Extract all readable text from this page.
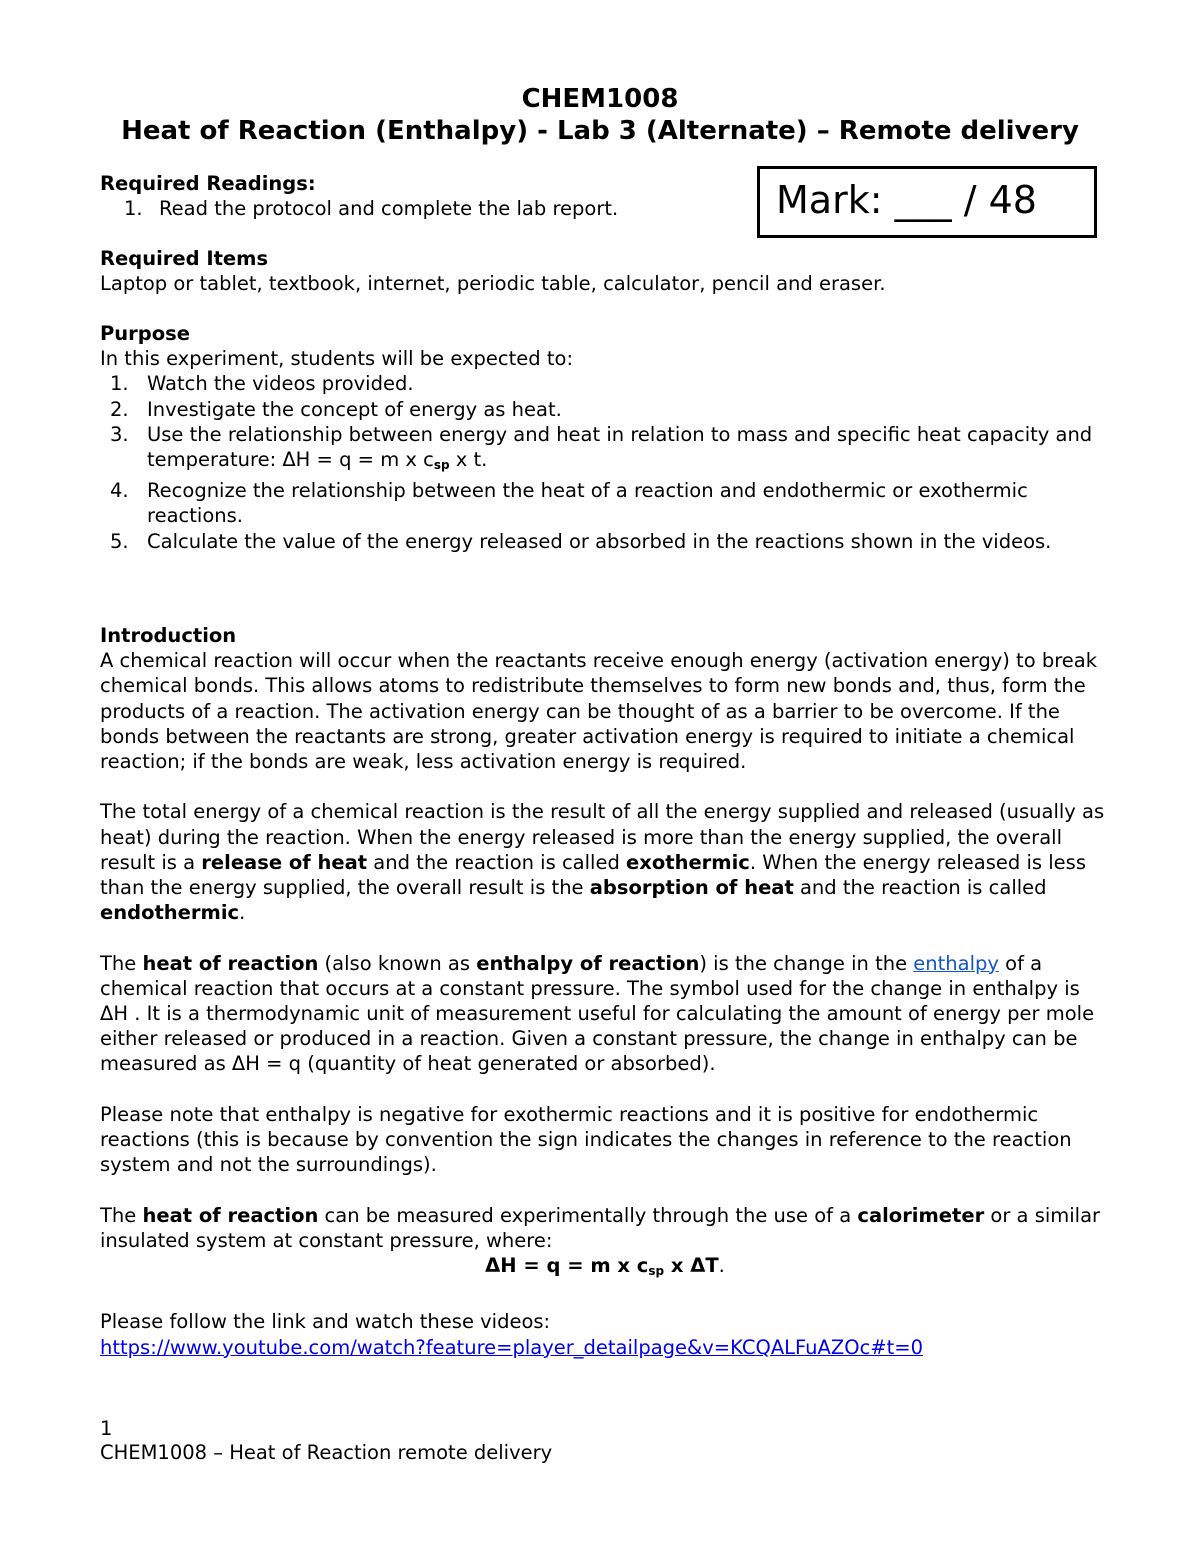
CHEM1008
Heat of Reaction (Enthalpy) - Lab 3 (Alternate) – Remote delivery
Mark: ___ / 48

Required Readings:

1. Read the protocol and complete the lab report.

Required Items

Laptop or tablet, textbook, internet, periodic table, calculator, pencil and eraser.

Purpose

In this experiment, students will be expected to:

1. Watch the videos provided.
2. Investigate the concept of energy as heat.
3. Use the relationship between energy and heat in relation to mass and specific heat capacity and temperature: ΔH = q = m x $c_{sp}$ x t.
4. Recognize the relationship between the heat of a reaction and endothermic or exothermic reactions.
5. Calculate the value of the energy released or absorbed in the reactions shown in the videos.

Introduction

A chemical reaction will occur when the reactants receive enough energy (activation energy) to break chemical bonds. This allows atoms to redistribute themselves to form new bonds and, thus, form the products of a reaction. The activation energy can be thought of as a barrier to be overcome. If the bonds between the reactants are strong, greater activation energy is required to initiate a chemical reaction; if the bonds are weak, less activation energy is required.

The total energy of a chemical reaction is the result of all the energy supplied and released (usually as heat) during the reaction. When the energy released is more than the energy supplied, the overall result is a release of heat and the reaction is called exothermic. When the energy released is less than the energy supplied, the overall result is the absorption of heat and the reaction is called endothermic.

The heat of reaction (also known as enthalpy of reaction) is the change in the enthalpy of a chemical reaction that occurs at a constant pressure. The symbol used for the change in enthalpy is ΔH . It is a thermodynamic unit of measurement useful for calculating the amount of energy per mole either released or produced in a reaction. Given a constant pressure, the change in enthalpy can be measured as ΔH = q (quantity of heat generated or absorbed).

Please note that enthalpy is negative for exothermic reactions and it is positive for endothermic reactions (this is because by convention the sign indicates the changes in reference to the reaction system and not the surroundings).

The heat of reaction can be measured experimentally through the use of a calorimeter or a similar insulated system at constant pressure, where:

ΔH = q = m x $c_{sp}$ x ΔT.

Please follow the link and watch these videos:

https://www.youtube.com/watch?feature=player_detailpage&v=KCQALFuAZOc#t=0

1
CHEM1008 – Heat of Reaction remote delivery
